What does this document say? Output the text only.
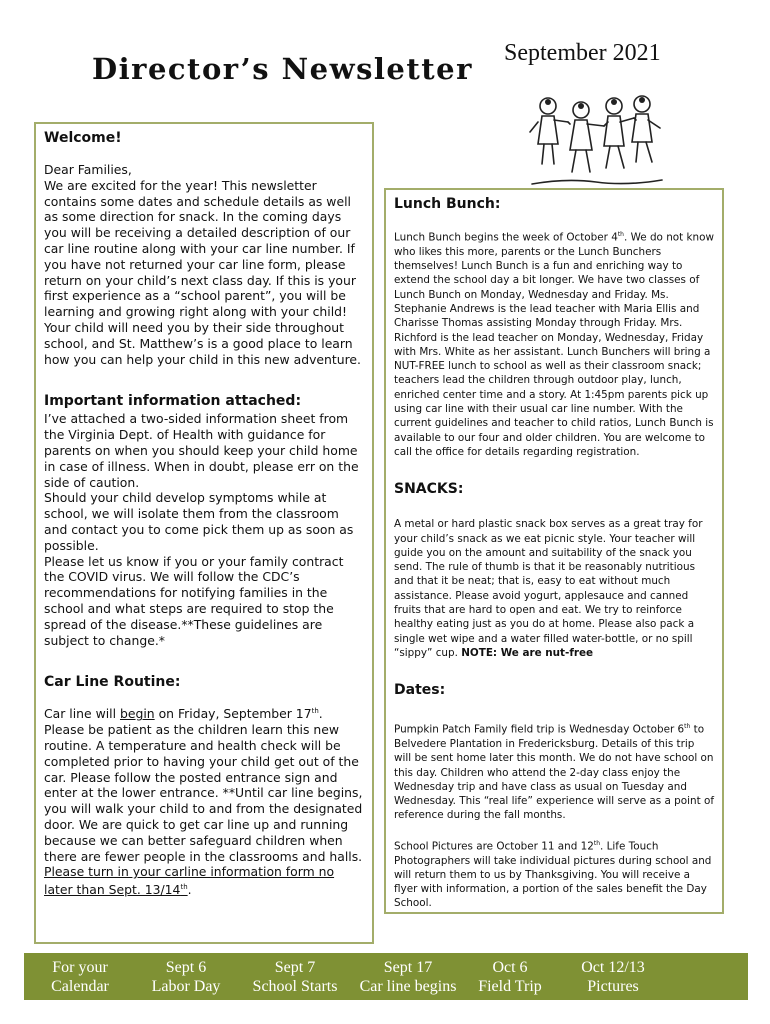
Director’s Newsletter September 2021

Welcome!

Dear Families,

We are excited for the year! This newsletter contains some dates and schedule details as well as some direction for snack. In the coming days you will be receiving a detailed description of our car line routine along with your car line number. If you have not returned your car line form, please return on your child’s next class day. If this is your first experience as a “school parent”, you will be learning and growing right along with your child! Your child will need you by their side throughout school, and St. Matthew’s is a good place to learn how you can help your child in this new adventure.

Important information attached:

I’ve attached a two-sided information sheet from the Virginia Dept. of Health with guidance for parents on when you should keep your child home in case of illness. When in doubt, please err on the side of caution.

Should your child develop symptoms while at school, we will isolate them from the classroom and contact you to come pick them up as soon as possible.

Please let us know if you or your family contract the COVID virus. We will follow the CDC’s recommendations for notifying families in the school and what steps are required to stop the spread of the disease.**These guidelines are subject to change.*

Car Line Routine:

Car line will begin on Friday, September 17th. Please be patient as the children learn this new routine. A temperature and health check will be completed prior to having your child get out of the car. Please follow the posted entrance sign and enter at the lower entrance. **Until car line begins, you will walk your child to and from the designated door. We are quick to get car line up and running because we can better safeguard children when there are fewer people in the classrooms and halls. Please turn in your carline information form no later than Sept. 13/14th.

Lunch Bunch:

Lunch Bunch begins the week of October 4th. We do not know who likes this more, parents or the Lunch Bunchers themselves! Lunch Bunch is a fun and enriching way to extend the school day a bit longer. We have two classes of Lunch Bunch on Monday, Wednesday and Friday. Ms. Stephanie Andrews is the lead teacher with Maria Ellis and Charisse Thomas assisting Monday through Friday. Mrs. Richford is the lead teacher on Monday, Wednesday, Friday with Mrs. White as her assistant. Lunch Bunchers will bring a NUT-FREE lunch to school as well as their classroom snack; teachers lead the children through outdoor play, lunch, enriched center time and a story. At 1:45pm parents pick up using car line with their usual car line number. With the current guidelines and teacher to child ratios, Lunch Bunch is available to our four and older children. You are welcome to call the office for details regarding registration.

SNACKS:

A metal or hard plastic snack box serves as a great tray for your child’s snack as we eat picnic style. Your teacher will guide you on the amount and suitability of the snack you send. The rule of thumb is that it be reasonably nutritious and that it be neat; that is, easy to eat without much assistance. Please avoid yogurt, applesauce and canned fruits that are hard to open and eat. We try to reinforce healthy eating just as you do at home. Please also pack a single wet wipe and a water filled water-bottle, or no spill “sippy” cup. NOTE: We are nut-free

Dates:

Pumpkin Patch Family field trip is Wednesday October 6th to Belvedere Plantation in Fredericksburg. Details of this trip will be sent home later this month. We do not have school on this day. Children who attend the 2-day class enjoy the Wednesday trip and have class as usual on Tuesday and Wednesday. This “real life” experience will serve as a point of reference during the fall months.

School Pictures are October 11 and 12th. Life Touch Photographers will take individual pictures during school and will return them to us by Thanksgiving. You will receive a flyer with information, a portion of the sales benefit the Day School.

For your
Calendar
Sept 6
Labor Day
Sept 7
School Starts
Sept 17
Car line begins
Oct 6
Field Trip
Oct 12/13
Pictures
